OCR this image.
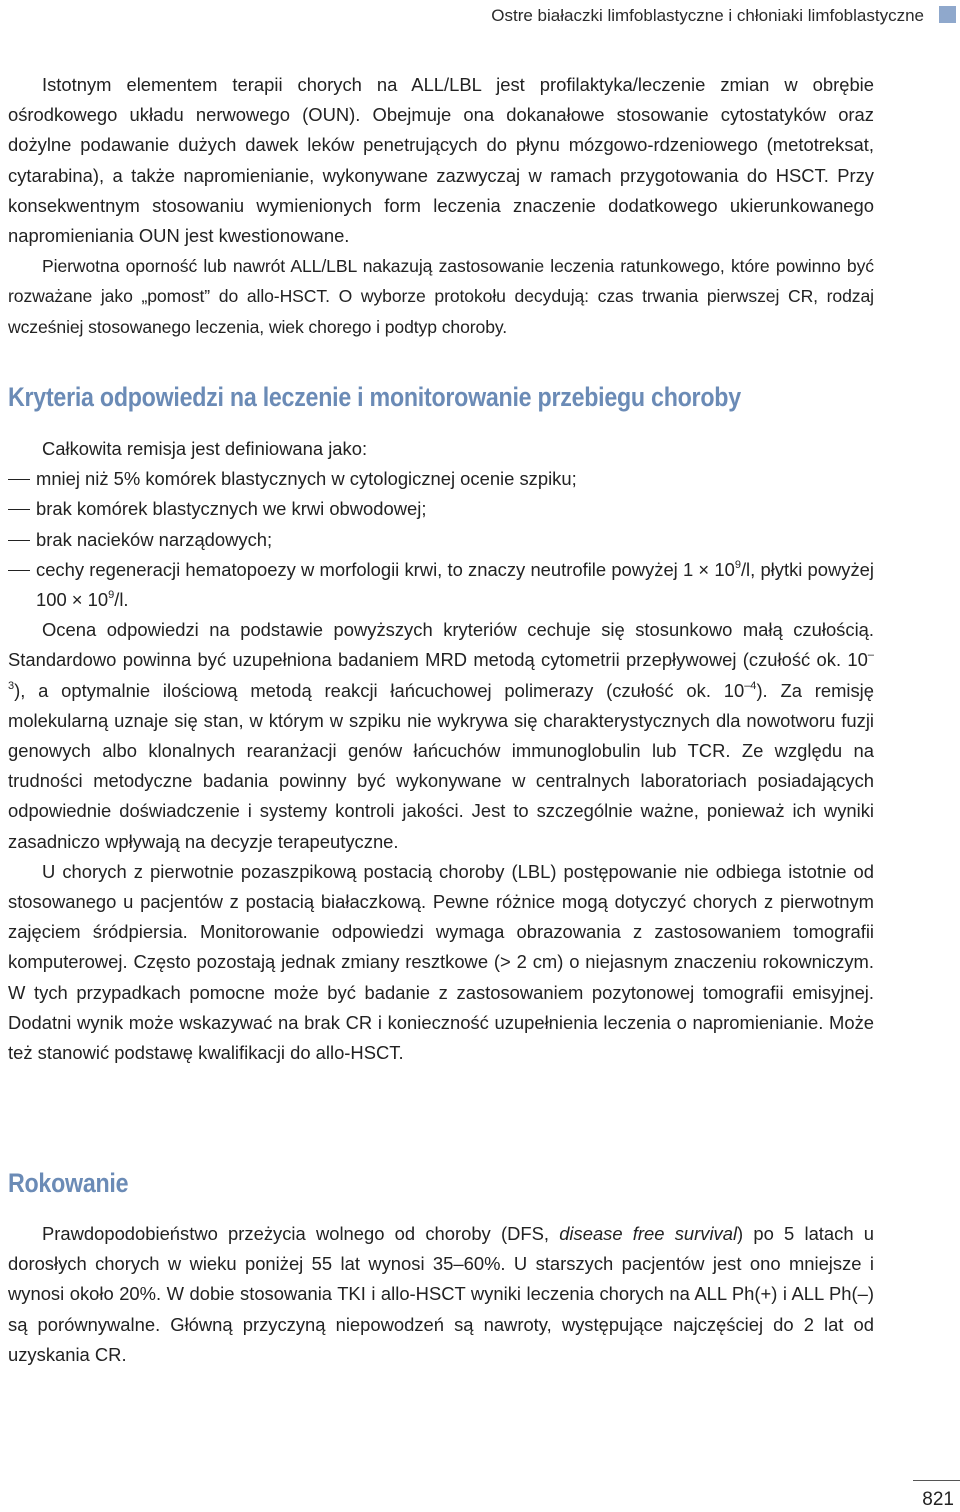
Ostre białaczki limfoblastyczne i chłoniaki limfoblastyczne

Istotnym elementem terapii chorych na ALL/LBL jest profilaktyka/leczenie zmian w obrębie ośrodkowego układu nerwowego (OUN). Obejmuje ona dokanałowe stosowanie cytostatyków oraz dożylne podawanie dużych dawek leków penetrujących do płynu mózgowo-rdzeniowego (metotreksat, cytarabina), a także napromienianie, wykonywane zazwyczaj w ramach przygotowania do HSCT. Przy konsekwentnym stosowaniu wymienionych form leczenia znaczenie dodatkowego ukierunkowanego napromieniania OUN jest kwestionowane.

Pierwotna oporność lub nawrót ALL/LBL nakazują zastosowanie leczenia ratunkowego, które powinno być rozważane jako „pomost” do allo-HSCT. O wyborze protokołu decydują: czas trwania pierwszej CR, rodzaj wcześniej stosowanego leczenia, wiek chorego i podtyp choroby.

Kryteria odpowiedzi na leczenie i monitorowanie przebiegu choroby

Całkowita remisja jest definiowana jako:

mniej niż 5% komórek blastycznych w cytologicznej ocenie szpiku;
brak komórek blastycznych we krwi obwodowej;
brak nacieków narządowych;
cechy regeneracji hematopoezy w morfologii krwi, to znaczy neutrofile powyżej $1 \times 10^9/l$, płytki powyżej $100 \times 10^9/l$.

Ocena odpowiedzi na podstawie powyższych kryteriów cechuje się stosunkowo małą czułością. Standardowo powinna być uzupełniona badaniem MRD metodą cytometrii przepływowej (czułość ok. $10^{-3}$), a optymalnie ilościową metodą reakcji łańcuchowej polimerazy (czułość ok. $10^{-4}$). Za remisję molekularną uznaje się stan, w którym w szpiku nie wykrywa się charakterystycznych dla nowotworu fuzji genowych albo klonalnych rearanżacji genów łańcuchów immunoglobulin lub TCR. Ze względu na trudności metodyczne badania powinny być wykonywane w centralnych laboratoriach posiadających odpowiednie doświadczenie i systemy kontroli jakości. Jest to szczególnie ważne, ponieważ ich wyniki zasadniczo wpływają na decyzje terapeutyczne.

U chorych z pierwotnie pozaszpikową postacią choroby (LBL) postępowanie nie odbiega istotnie od stosowanego u pacjentów z postacią białaczkową. Pewne różnice mogą dotyczyć chorych z pierwotnym zajęciem śródpiersia. Monitorowanie odpowiedzi wymaga obrazowania z zastosowaniem tomografii komputerowej. Często pozostają jednak zmiany resztkowe (> 2 cm) o niejasnym znaczeniu rokowniczym. W tych przypadkach pomocne może być badanie z zastosowaniem pozytonowej tomografii emisyjnej. Dodatni wynik może wskazywać na brak CR i konieczność uzupełnienia leczenia o napromienianie. Może też stanowić podstawę kwalifikacji do allo-HSCT.

Rokowanie

Prawdopodobieństwo przeżycia wolnego od choroby (DFS, disease free survival) po 5 latach u dorosłych chorych w wieku poniżej 55 lat wynosi 35–60%. U starszych pacjentów jest ono mniejsze i wynosi około 20%. W dobie stosowania TKI i allo-HSCT wyniki leczenia chorych na ALL Ph(+) i ALL Ph(–) są porównywalne. Główną przyczyną niepowodzeń są nawroty, występujące najczęściej do 2 lat od uzyskania CR.

821
